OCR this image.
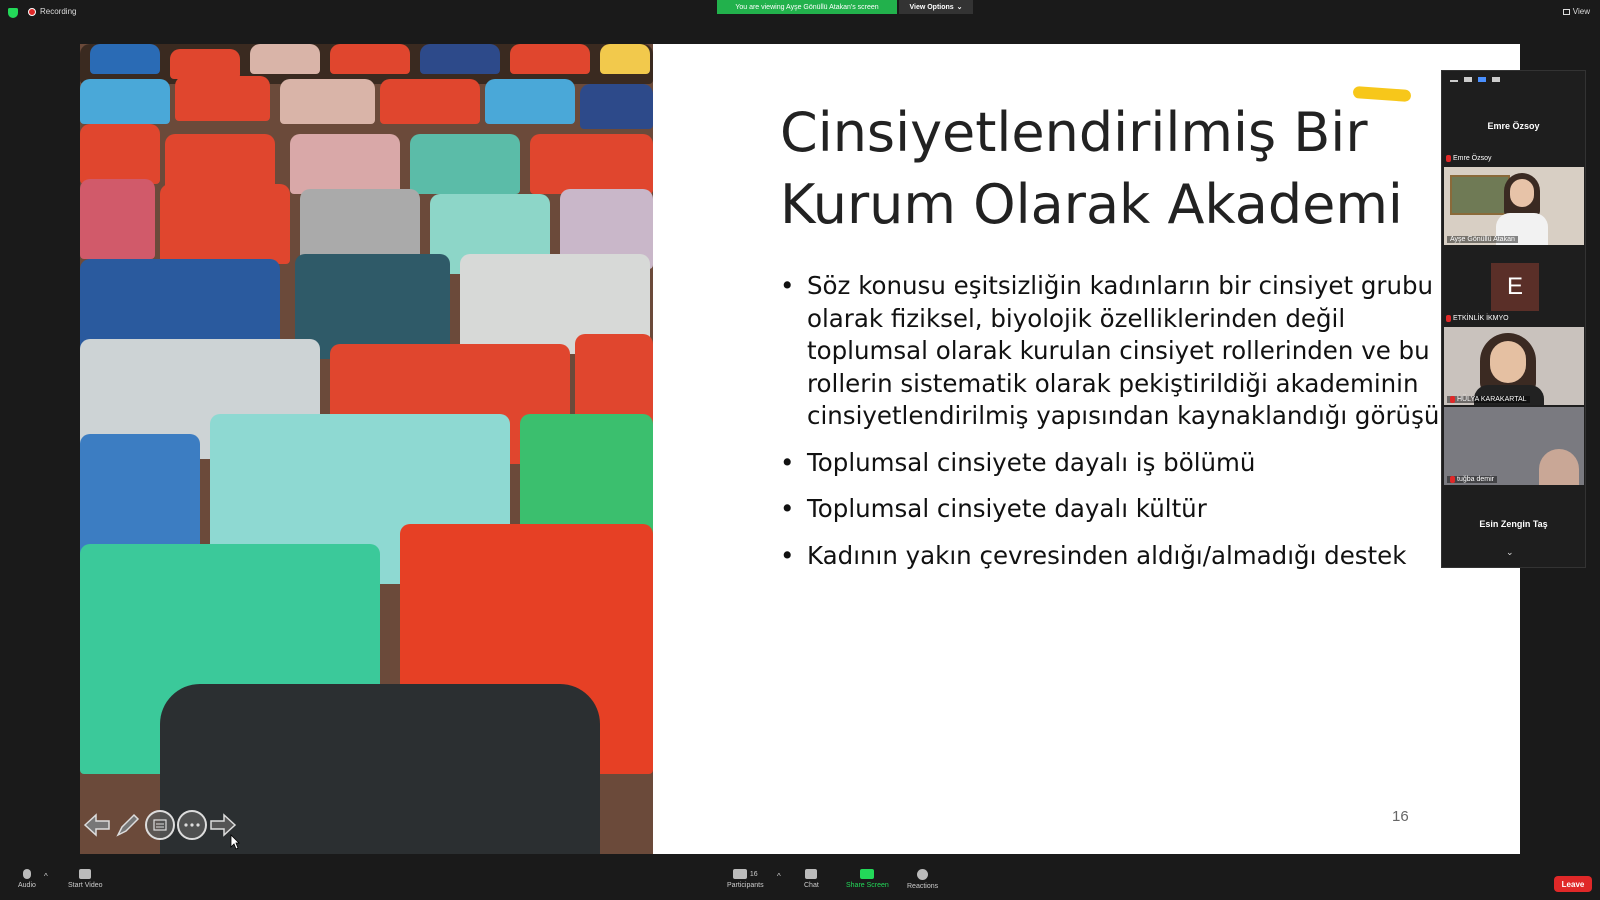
Recording	You are viewing Ayşe Gönüllü Atakan's screen	View Options ⌄	View
Cinsiyetlendirilmiş Bir
Kurum Olarak Akademi
• Söz konusu eşitsizliğin kadınların bir cinsiyet grubu olarak fiziksel, biyolojik özelliklerinden değil toplumsal olarak kurulan cinsiyet rollerinden ve bu rollerin sistematik olarak pekiştirildiği akademinin cinsiyetlendirilmiş yapısından kaynaklandığı görüşü
• Toplumsal cinsiyete dayalı iş bölümü
• Toplumsal cinsiyete dayalı kültür
• Kadının yakın çevresinden aldığı/almadığı destek
16
Emre Özsoy
Ayşe Gönüllü Atakan
Emre Özsoy
E
ETKİNLİK İKMYO
HÜLYA KARAKARTAL
tuğba demir
Esin Zengin Taş
⌄
Audio
^
Start Video
16
Participants
^
Chat	Share Screen	Reactions	Leave
